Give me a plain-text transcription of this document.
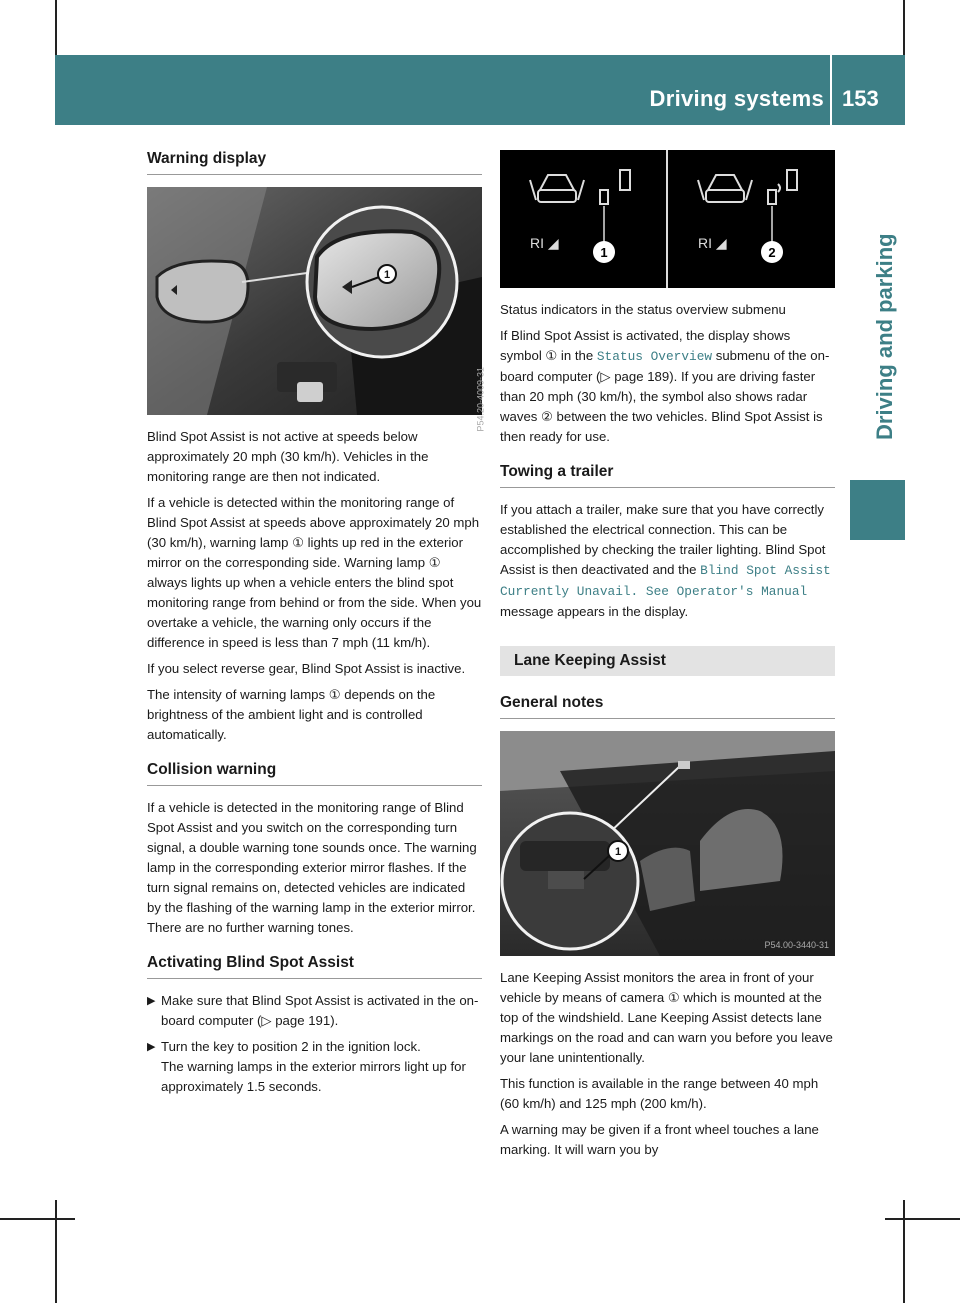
Driving systems 153
Driving and parking
Warning display
1
P54.20-4009-31

Blind Spot Assist is not active at speeds below approximately 20 mph (30 km/h). Vehicles in the monitoring range are then not indicated.

If a vehicle is detected within the monitoring range of Blind Spot Assist at speeds above approximately 20 mph (30 km/h), warning lamp ① lights up red in the exterior mirror on the corresponding side. Warning lamp ① always lights up when a vehicle enters the blind spot monitoring range from behind or from the side. When you overtake a vehicle, the warning only occurs if the difference in speed is less than 7 mph (11 km/h).

If you select reverse gear, Blind Spot Assist is inactive.

The intensity of warning lamps ① depends on the brightness of the ambient light and is controlled automatically.

Collision warning

If a vehicle is detected in the monitoring range of Blind Spot Assist and you switch on the corresponding turn signal, a double warning tone sounds once. The warning lamp in the corresponding exterior mirror flashes. If the turn signal remains on, detected vehicles are indicated by the flashing of the warning lamp in the exterior mirror. There are no further warning tones.

Activating Blind Spot Assist
▶ Make sure that Blind Spot Assist is activated in the on-board computer (▷ page 191).
▶ Turn the key to position 2 in the ignition lock.
The warning lamps in the exterior mirrors light up for approximately 1.5 seconds.
RI ◢	RI ◢
1	2

Status indicators in the status overview submenu

If Blind Spot Assist is activated, the display shows symbol ① in the Status Overview submenu of the on-board computer (▷ page 189). If you are driving faster than 20 mph (30 km/h), the symbol also shows radar waves ② between the two vehicles. Blind Spot Assist is then ready for use.

Towing a trailer

If you attach a trailer, make sure that you have correctly established the electrical connection. This can be accomplished by checking the trailer lighting. Blind Spot Assist is then deactivated and the Blind Spot Assist Currently Unavail. See Operator's Manual message appears in the display.

Lane Keeping Assist
General notes
1
P54.00-3440-31

Lane Keeping Assist monitors the area in front of your vehicle by means of camera ① which is mounted at the top of the windshield. Lane Keeping Assist detects lane markings on the road and can warn you before you leave your lane unintentionally.

This function is available in the range between 40 mph (60 km/h) and 125 mph (200 km/h).

A warning may be given if a front wheel touches a lane marking. It will warn you by
